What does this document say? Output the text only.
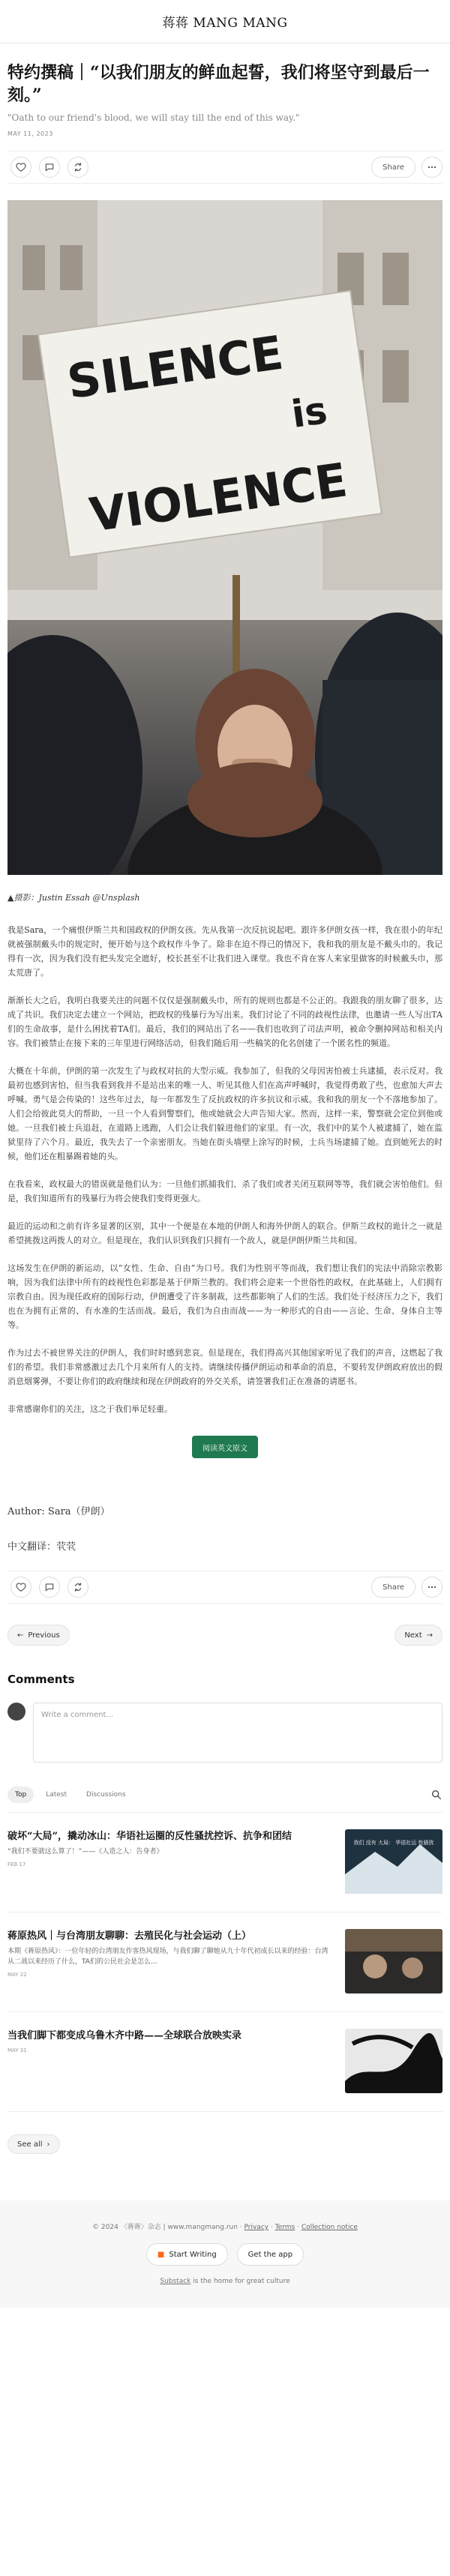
蒋蒋 MANG MANG
特约撰稿｜“以我们朋友的鲜血起誓，我们将坚守到最后一刻。”
"Oath to our friend's blood, we will stay till the end of this way."
MAY 11, 2023
Share
SILENCE
is
VIOLENCE
▲摄影：Justin Essah @Unsplash

我是Sara，一个痛恨伊斯兰共和国政权的伊朗女孩。先从我第一次反抗说起吧。跟许多伊朗女孩一样，我在很小的年纪就被强制戴头巾的规定时，便开始与这个政权作斗争了。除非在迫不得已的情况下，我和我的朋友是不戴头巾的。我记得有一次，因为我们没有把头发完全遮好，校长甚至不让我们进入课堂。我也不肯在客人来家里做客的时候戴头巾，那太荒唐了。

渐渐长大之后，我明白我要关注的问题不仅仅是强制戴头巾，所有的规则也都是不公正的。我跟我的朋友聊了很多，达成了共识。我们决定去建立一个网站，把政权的残暴行为写出来。我们讨论了不同的歧视性法律，也邀请一些人写出TA们的生命故事，是什么困扰着TA们。最后，我们的网站出了名——我们也收到了司法声明，被命令删掉网站和相关内容。我们被禁止在接下来的三年里进行网络活动，但我们随后用一些稿笑的化名创建了一个匿名性的频道。

大概在十年前，伊朗的第一次发生了与政权对抗的大型示威。我参加了，但我的父母因害怕被士兵逮捕，表示反对。我最初也感到害怕，但当我看到我并不是站出来的唯一人、听见其他人们在高声呼喊时，我觉得勇敢了些，也愈加大声去呼喊。勇气是会传染的！这些年过去，每一年都发生了反抗政权的许多抗议和示威。我和我的朋友一个不落地参加了。人们会给彼此莫大的帮助，一旦一个人看到警察们，他或她就会大声告知大家。然而，这样一来，警察就会定位到他或她。一旦我们被士兵追赶，在道路上逃跑，人们会让我们躲进他们的家里。有一次，我们中的某个人被逮捕了，她在监狱里待了六个月。最近，我失去了一个亲密朋友。当她在街头墙壁上涂写的时候，士兵当场逮捕了她。直到她死去的时候，他们还在粗暴踢着她的头。

在我看来，政权最大的错误就是他们认为：一旦他们抓捕我们、杀了我们或者关闭互联网等等，我们就会害怕他们。但是，我们知道所有的残暴行为将会使我们变得更强大。

最近的运动和之前有许多显著的区别，其中一个便是在本地的伊朗人和海外伊朗人的联合。伊斯兰政权的诡计之一就是希望挑拨这两拨人的对立。但是现在，我们认识到我们只拥有一个敌人，就是伊朗伊斯兰共和国。

这场发生在伊朗的新运动，以“女性、生命、自由”为口号。我们为性别平等而战，我们想让我们的宪法中消除宗教影响，因为我们法律中所有的歧视性色彩都是基于伊斯兰教的。我们将会迎来一个世俗性的政权，在此基础上，人们拥有宗教自由。因为现任政府的国际行动，伊朗遭受了许多制裁，这些都影响了人们的生活。我们处于经济压力之下，我们也在为拥有正常的、有水准的生活而战。最后，我们为自由而战——为一种形式的自由——言论、生命、身体自主等等。

作为过去不被世界关注的伊朗人，我们时时感到悲哀。但是现在，我们得高兴其他国家听见了我们的声音，这燃起了我们的希望。我们非常感激过去几个月来所有人的支持。请继续传播伊朗运动和革命的消息，不要转发伊朗政府放出的假消息烟雾弹，不要让你们的政府继续和现在伊朗政府的外交关系，请签署我们正在准备的请愿书。

非常感谢你们的关注，这之于我们举足轻重。

阅读英文原文
Author: Sara（伊朗）
中文翻译：茕茕
Share
← Previous	Next →
Comments
Write a comment...
Top	Latest	Discussions
破坏“大局”，撬动冰山：华语社运圈的反性骚扰控诉、抗争和团结
“我们不要就这么算了！”——《人造之人：告身者》
FEB 17
我们 没有 大局： 华语社运 性骚扰
蒋原热风｜与台湾朋友聊聊：去殖民化与社会运动（上）
本期《蒋原热风》：一位年轻的台湾朋友作客热风现场，与我们聊了聊她从九十年代初成长以来的经验：台湾从二战以来经历了什么，TA们的公民社会是怎么...
MAY 22
当我们脚下都变成乌鲁木齐中路——全球联合放映实录
MAY 31
See all ›
© 2024 〈蒋蒋〉杂志 | www.mangmang.run · Privacy · Terms · Collection notice
■ Start Writing	Get the app
Substack is the home for great culture
